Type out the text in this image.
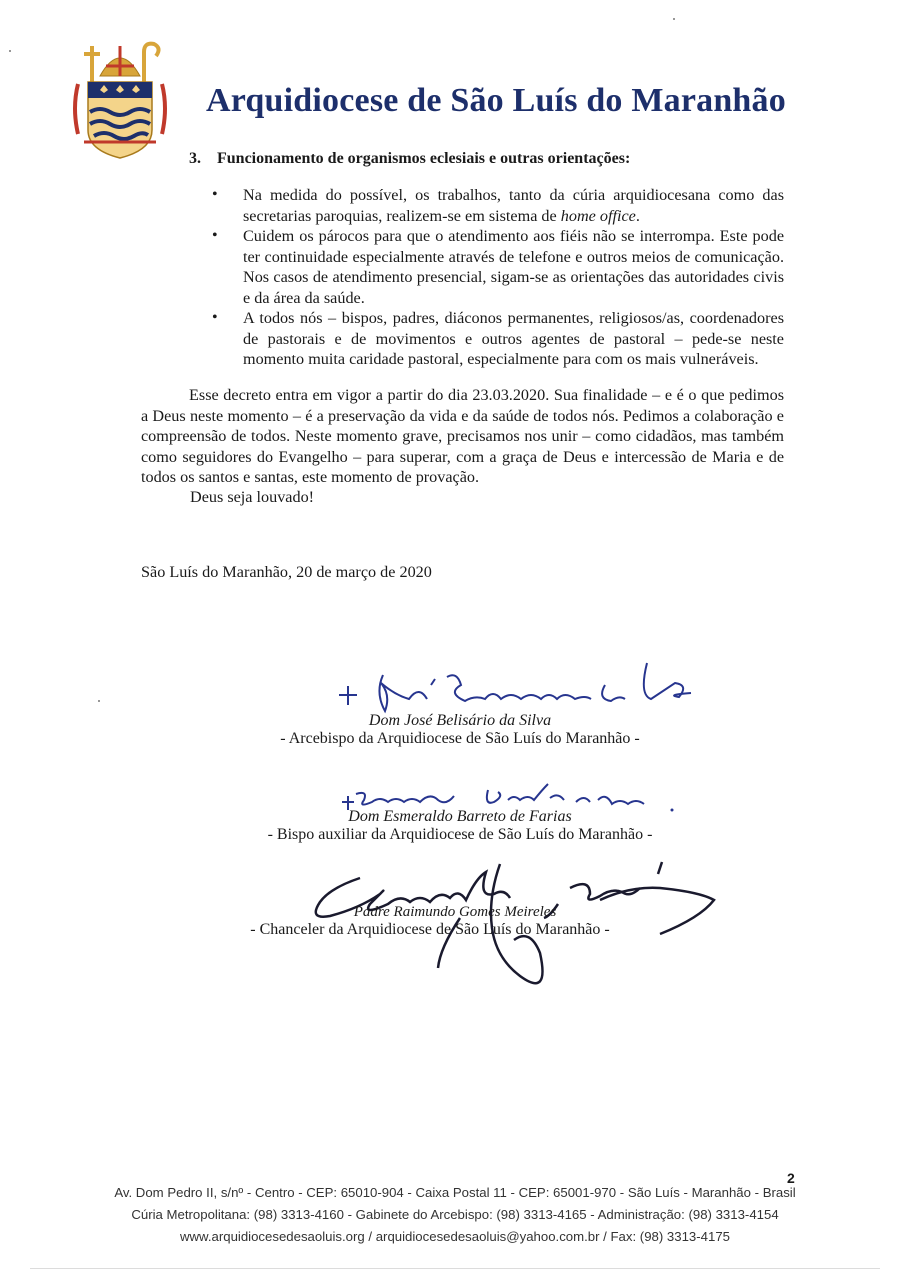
Arquidiocese de São Luís do Maranhão
3. Funcionamento de organismos eclesiais e outras orientações:
• Na medida do possível, os trabalhos, tanto da cúria arquidiocesana como das secretarias paroquias, realizem-se em sistema de home office.
• Cuidem os párocos para que o atendimento aos fiéis não se interrompa. Este pode ter continuidade especialmente através de telefone e outros meios de comunicação. Nos casos de atendimento presencial, sigam-se as orientações das autoridades civis e da área da saúde.
• A todos nós – bispos, padres, diáconos permanentes, religiosos/as, coordenadores de pastorais e de movimentos e outros agentes de pastoral – pede-se neste momento muita caridade pastoral, especialmente para com os mais vulneráveis.

Esse decreto entra em vigor a partir do dia 23.03.2020. Sua finalidade – e é o que pedimos a Deus neste momento – é a preservação da vida e da saúde de todos nós. Pedimos a colaboração e compreensão de todos. Neste momento grave, precisamos nos unir – como cidadãos, mas também como seguidores do Evangelho – para superar, com a graça de Deus e intercessão de Maria e de todos os santos e santas, este momento de provação.

Deus seja louvado!
São Luís do Maranhão, 20 de março de 2020
Dom José Belisário da Silva
- Arcebispo da Arquidiocese de São Luís do Maranhão -
Dom Esmeraldo Barreto de Farias
- Bispo auxiliar da Arquidiocese de São Luís do Maranhão -
Padre Raimundo Gomes Meireles
- Chanceler da Arquidiocese de São Luís do Maranhão -
2
Av. Dom Pedro II, s/nº - Centro - CEP: 65010-904 - Caixa Postal 11 - CEP: 65001-970 - São Luís - Maranhão - Brasil
Cúria Metropolitana: (98) 3313-4160 - Gabinete do Arcebispo: (98) 3313-4165 - Administração: (98) 3313-4154
www.arquidiocesedesaoluis.org / arquidiocesedesaoluis@yahoo.com.br / Fax: (98) 3313-4175
